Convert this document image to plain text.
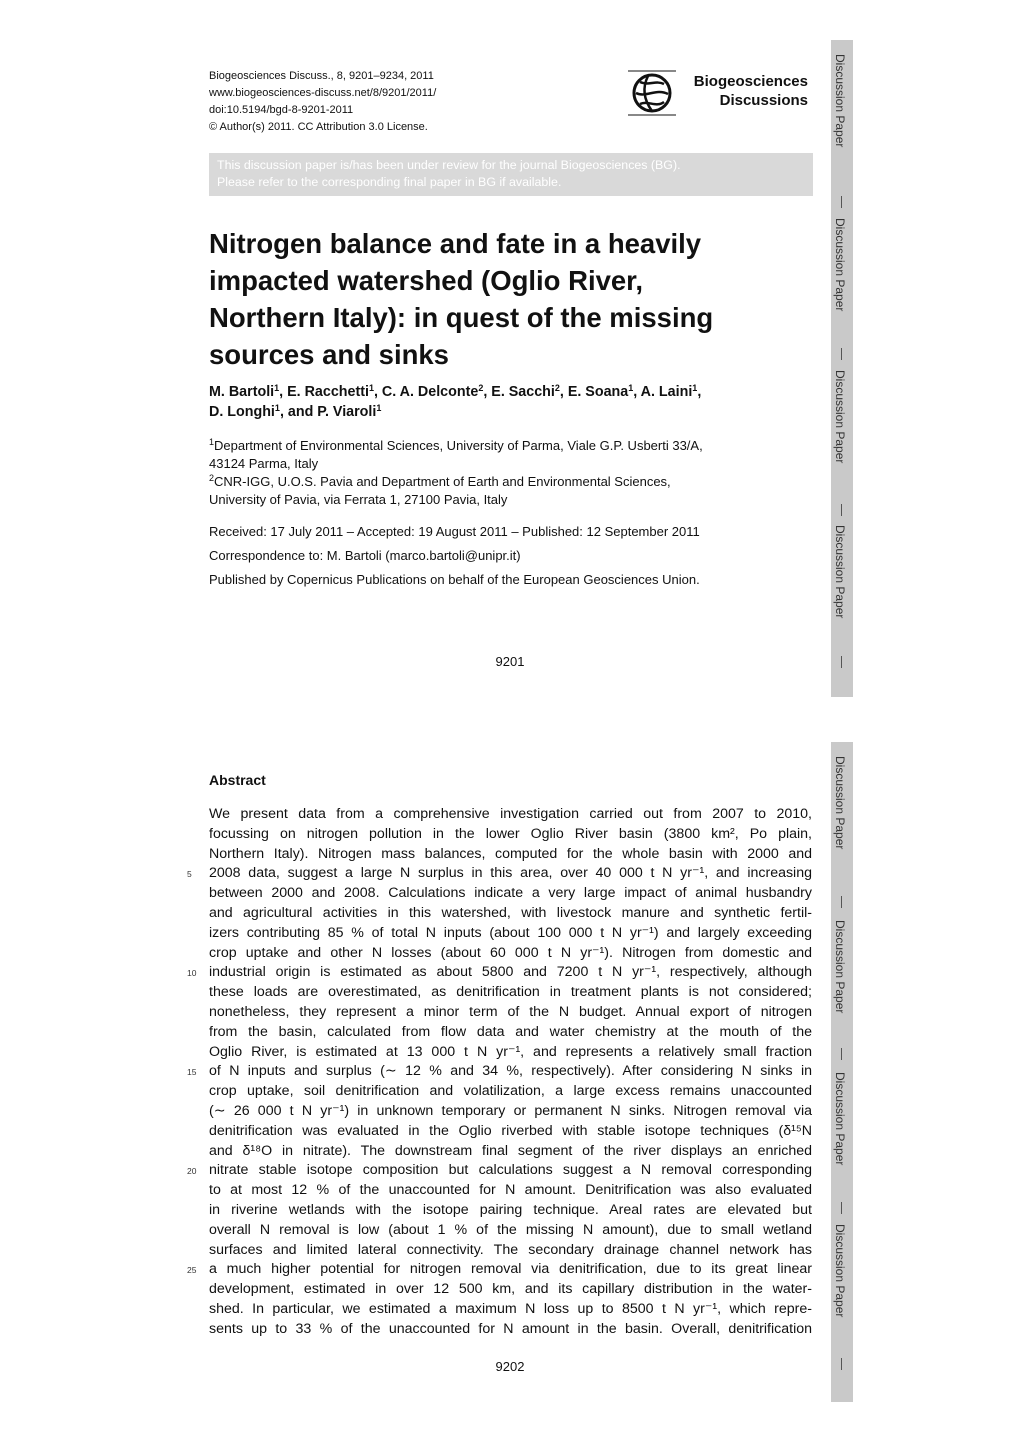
Discussion Paper
Discussion Paper
Discussion Paper
Discussion Paper
Biogeosciences Discuss., 8, 9201–9234, 2011
www.biogeosciences-discuss.net/8/9201/2011/
doi:10.5194/bgd-8-9201-2011
© Author(s) 2011. CC Attribution 3.0 License.
Biogeosciences
Discussions
This discussion paper is/has been under review for the journal Biogeosciences (BG).
Please refer to the corresponding final paper in BG if available.
Nitrogen balance and fate in a heavily
impacted watershed (Oglio River,
Northern Italy): in quest of the missing
sources and sinks
M. Bartoli$^1$, E. Racchetti$^1$, C. A. Delconte$^2$, E. Sacchi$^2$, E. Soana$^1$, A. Laini$^1$,
D. Longhi$^1$, and P. Viaroli$^1$
$^1$Department of Environmental Sciences, University of Parma, Viale G.P. Usberti 33/A,
43124 Parma, Italy
$^2$CNR-IGG, U.O.S. Pavia and Department of Earth and Environmental Sciences,
University of Pavia, via Ferrata 1, 27100 Pavia, Italy
Received: 17 July 2011 – Accepted: 19 August 2011 – Published: 12 September 2011
Correspondence to: M. Bartoli (marco.bartoli@unipr.it)
Published by Copernicus Publications on behalf of the European Geosciences Union.
9201
Discussion Paper
Discussion Paper
Discussion Paper
Discussion Paper
Abstract
We present data from a comprehensive investigation carried out from 2007 to 2010,
focussing on nitrogen pollution in the lower Oglio River basin (3800 km², Po plain,
Northern Italy). Nitrogen mass balances, computed for the whole basin with 2000 and
5 2008 data, suggest a large N surplus in this area, over 40 000 t N yr⁻¹, and increasing
between 2000 and 2008. Calculations indicate a very large impact of animal husbandry
and agricultural activities in this watershed, with livestock manure and synthetic fertil-
izers contributing 85 % of total N inputs (about 100 000 t N yr⁻¹) and largely exceeding
crop uptake and other N losses (about 60 000 t N yr⁻¹). Nitrogen from domestic and
10 industrial origin is estimated as about 5800 and 7200 t N yr⁻¹, respectively, although
these loads are overestimated, as denitrification in treatment plants is not considered;
nonetheless, they represent a minor term of the N budget. Annual export of nitrogen
from the basin, calculated from flow data and water chemistry at the mouth of the
Oglio River, is estimated at 13 000 t N yr⁻¹, and represents a relatively small fraction
15 of N inputs and surplus (∼ 12 % and 34 %, respectively). After considering N sinks in
crop uptake, soil denitrification and volatilization, a large excess remains unaccounted
(∼ 26 000 t N yr⁻¹) in unknown temporary or permanent N sinks. Nitrogen removal via
denitrification was evaluated in the Oglio riverbed with stable isotope techniques (δ¹⁵N
and δ¹⁸O in nitrate). The downstream final segment of the river displays an enriched
20 nitrate stable isotope composition but calculations suggest a N removal corresponding
to at most 12 % of the unaccounted for N amount. Denitrification was also evaluated
in riverine wetlands with the isotope pairing technique. Areal rates are elevated but
overall N removal is low (about 1 % of the missing N amount), due to small wetland
surfaces and limited lateral connectivity. The secondary drainage channel network has
25 a much higher potential for nitrogen removal via denitrification, due to its great linear
development, estimated in over 12 500 km, and its capillary distribution in the water-
shed. In particular, we estimated a maximum N loss up to 8500 t N yr⁻¹, which repre-
sents up to 33 % of the unaccounted for N amount in the basin. Overall, denitrification
9202
